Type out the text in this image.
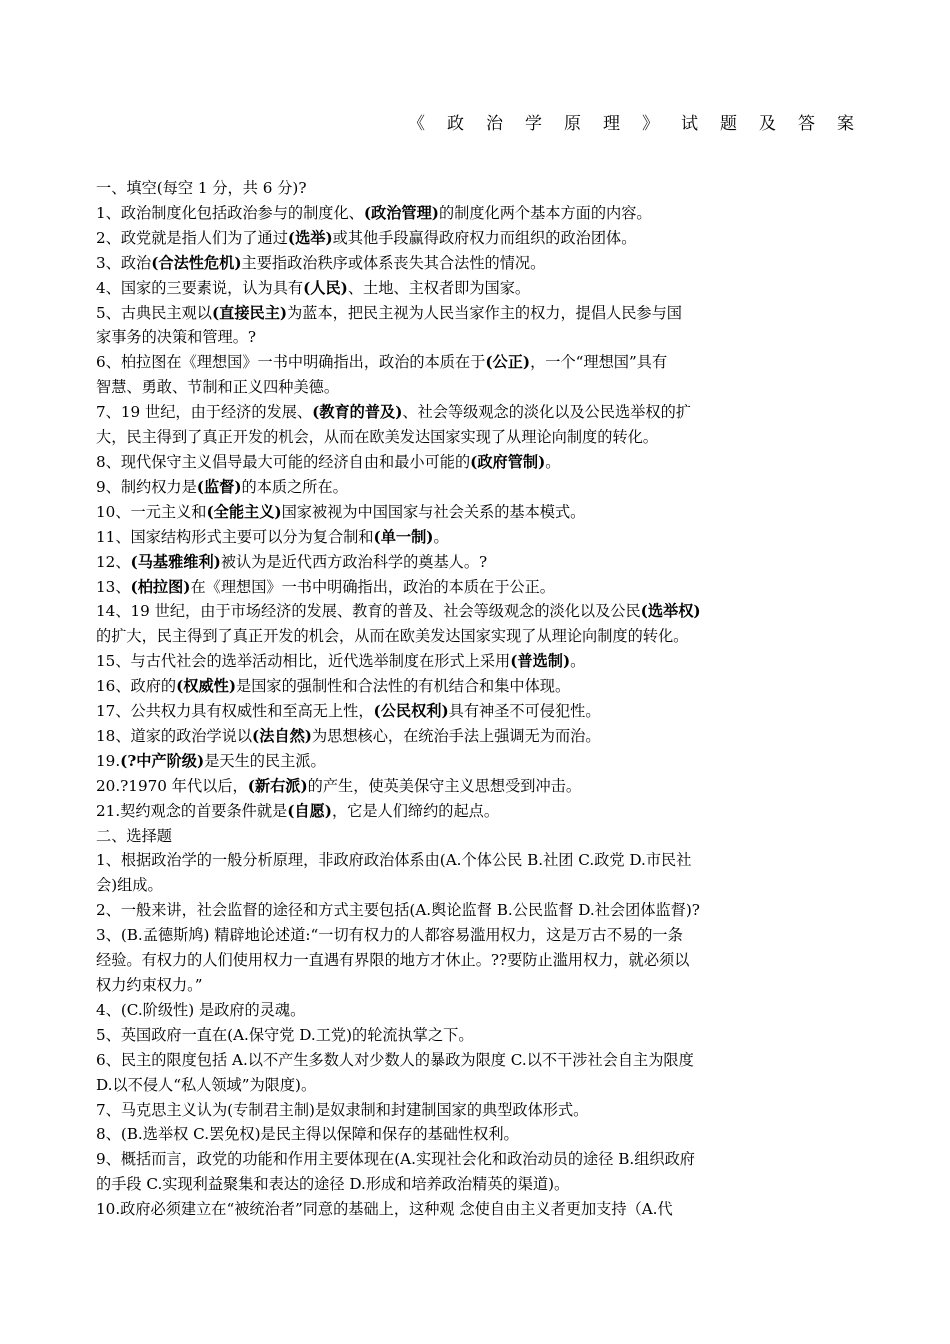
《政治学原理》试题及答案
一、填空(每空 1 分，共 6 分)?
1、政治制度化包括政治参与的制度化、(政治管理)的制度化两个基本方面的内容。
2、政党就是指人们为了通过(选举)或其他手段赢得政府权力而组织的政治团体。
3、政治(合法性危机)主要指政治秩序或体系丧失其合法性的情况。
4、国家的三要素说，认为具有(人民)、土地、主权者即为国家。
5、古典民主观以(直接民主)为蓝本，把民主视为人民当家作主的权力，提倡人民参与国
家事务的决策和管理。?
6、柏拉图在《理想国》一书中明确指出，政治的本质在于(公正)，一个“理想国”具有
智慧、勇敢、节制和正义四种美德。
7、19 世纪，由于经济的发展、(教育的普及)、社会等级观念的淡化以及公民选举权的扩
大，民主得到了真正开发的机会，从而在欧美发达国家实现了从理论向制度的转化。
8、现代保守主义倡导最大可能的经济自由和最小可能的(政府管制)。
9、制约权力是(监督)的本质之所在。
10、一元主义和(全能主义)国家被视为中国国家与社会关系的基本模式。
11、国家结构形式主要可以分为复合制和(单一制)。
12、(马基雅维利)被认为是近代西方政治科学的奠基人。?
13、(柏拉图)在《理想国》一书中明确指出，政治的本质在于公正。
14、19 世纪，由于市场经济的发展、教育的普及、社会等级观念的淡化以及公民(选举权)
的扩大，民主得到了真正开发的机会，从而在欧美发达国家实现了从理论向制度的转化。
15、与古代社会的选举活动相比，近代选举制度在形式上采用(普选制)。
16、政府的(权威性)是国家的强制性和合法性的有机结合和集中体现。
17、公共权力具有权威性和至高无上性，(公民权利)具有神圣不可侵犯性。
18、道家的政治学说以(法自然)为思想核心，在统治手法上强调无为而治。
19.(?中产阶级)是天生的民主派。
20.?1970 年代以后，(新右派)的产生，使英美保守主义思想受到冲击。
21.契约观念的首要条件就是(自愿)，它是人们缔约的起点。
二、选择题
1、根据政治学的一般分析原理，非政府政治体系由(A.个体公民 B.社团 C.政党 D.市民社
会)组成。
2、一般来讲，社会监督的途径和方式主要包括(A.舆论监督 B.公民监督 D.社会团体监督)?
3、(B.孟德斯鸠) 精辟地论述道:“一切有权力的人都容易滥用权力，这是万古不易的一条
经验。有权力的人们使用权力一直遇有界限的地方才休止。??要防止滥用权力，就必须以
权力约束权力。”
4、(C.阶级性) 是政府的灵魂。
5、英国政府一直在(A.保守党 D.工党)的轮流执掌之下。
6、民主的限度包括 A.以不产生多数人对少数人的暴政为限度 C.以不干涉社会自主为限度
D.以不侵人“私人领域”为限度)。
7、马克思主义认为(专制君主制)是奴隶制和封建制国家的典型政体形式。
8、(B.选举权 C.罢免权)是民主得以保障和保存的基础性权利。
9、概括而言，政党的功能和作用主要体现在(A.实现社会化和政治动员的途径 B.组织政府
的手段 C.实现利益聚集和表达的途径 D.形成和培养政治精英的渠道)。
10.政府必须建立在“被统治者”同意的基础上，这种观 念使自由主义者更加支持（A.代
